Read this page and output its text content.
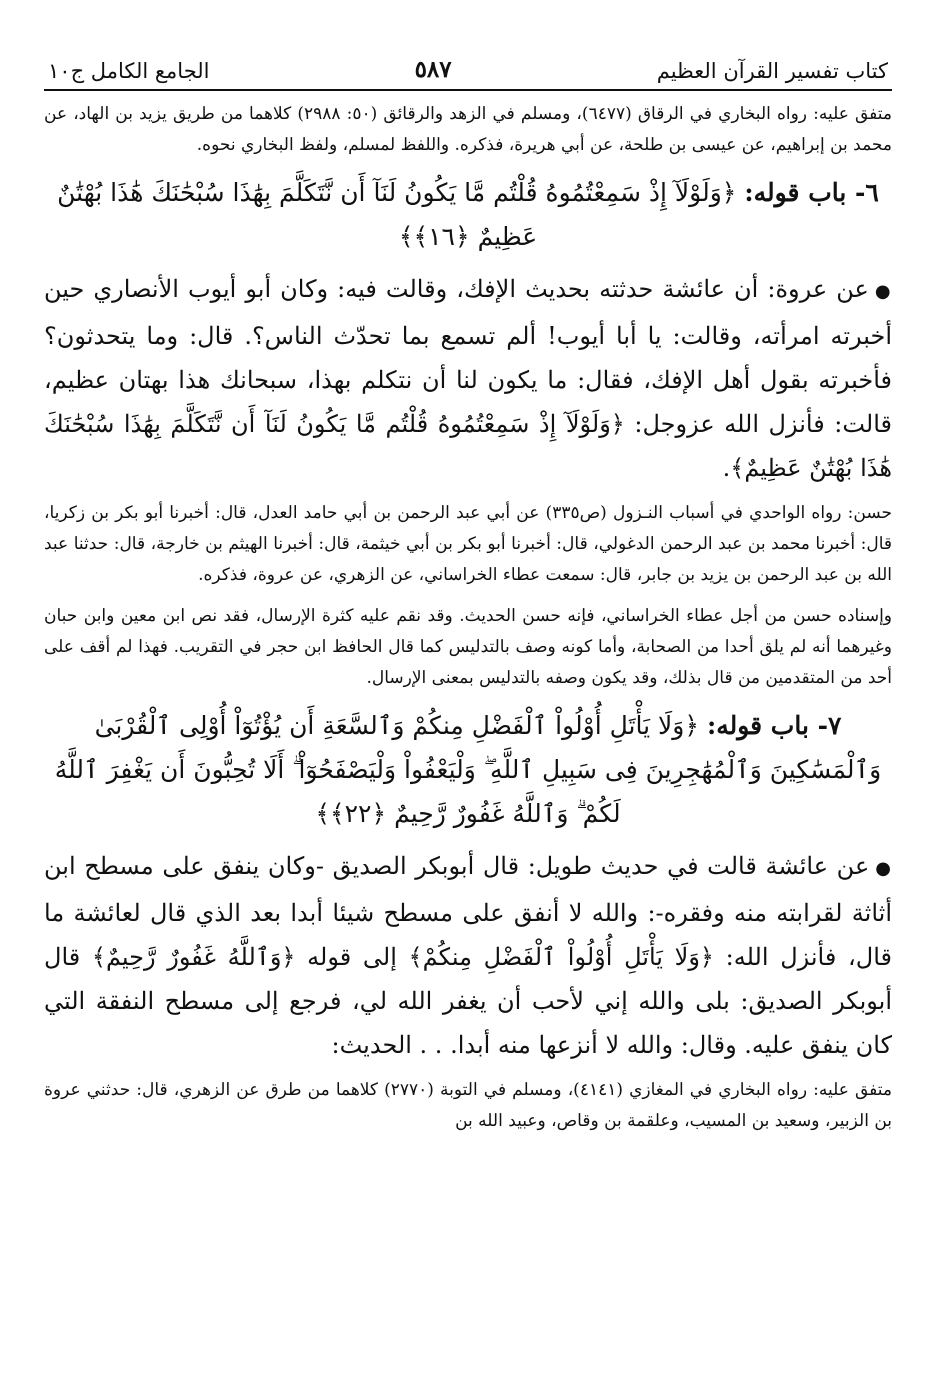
كتاب تفسير القرآن العظيم
٥٨٧
الجامع الكامل ج١٠

متفق عليه: رواه البخاري في الرقاق (٦٤٧٧)، ومسلم في الزهد والرقائق (٥٠: ٢٩٨٨) كلاهما من طريق يزيد بن الهاد، عن محمد بن إبراهيم، عن عيسى بن طلحة، عن أبي هريرة، فذكره. واللفظ لمسلم، ولفظ البخاري نحوه.

٦- باب قوله: ﴿وَلَوْلَآ إِذْ سَمِعْتُمُوهُ قُلْتُم مَّا يَكُونُ لَنَآ أَن نَّتَكَلَّمَ بِهَٰذَا سُبْحَٰنَكَ هَٰذَا بُهْتَٰنٌ عَظِيمٌ ﴿١٦﴾﴾

●عن عروة: أن عائشة حدثته بحديث الإفك، وقالت فيه: وكان أبو أيوب الأنصاري حين أخبرته امرأته، وقالت: يا أبا أيوب! ألم تسمع بما تحدّث الناس؟. قال: وما يتحدثون؟ فأخبرته بقول أهل الإفك، فقال: ما يكون لنا أن نتكلم بهذا، سبحانك هذا بهتان عظيم، قالت: فأنزل الله عزوجل: ﴿وَلَوْلَآ إِذْ سَمِعْتُمُوهُ قُلْتُم مَّا يَكُونُ لَنَآ أَن نَّتَكَلَّمَ بِهَٰذَا سُبْحَٰنَكَ هَٰذَا بُهْتَٰنٌ عَظِيمٌ﴾.

حسن: رواه الواحدي في أسباب النـزول (ص٣٣٥) عن أبي عبد الرحمن بن أبي حامد العدل، قال: أخبرنا أبو بكر بن زكريا، قال: أخبرنا محمد بن عبد الرحمن الدغولي، قال: أخبرنا أبو بكر بن أبي خيثمة، قال: أخبرنا الهيثم بن خارجة، قال: حدثنا عبد الله بن عبد الرحمن بن يزيد بن جابر، قال: سمعت عطاء الخراساني، عن الزهري، عن عروة، فذكره.

وإسناده حسن من أجل عطاء الخراساني، فإنه حسن الحديث. وقد نقم عليه كثرة الإرسال، فقد نص ابن معين وابن حبان وغيرهما أنه لم يلق أحدا من الصحابة، وأما كونه وصف بالتدليس كما قال الحافظ ابن حجر في التقريب. فهذا لم أقف على أحد من المتقدمين من قال بذلك، وقد يكون وصفه بالتدليس بمعنى الإرسال.

٧- باب قوله: ﴿وَلَا يَأْتَلِ أُوْلُواْ ٱلْفَضْلِ مِنكُمْ وَٱلسَّعَةِ أَن يُؤْتُوٓاْ أُوْلِى ٱلْقُرْبَىٰ وَٱلْمَسَٰكِينَ وَٱلْمُهَٰجِرِينَ فِى سَبِيلِ ٱللَّهِ ۖ وَلْيَعْفُواْ وَلْيَصْفَحُوٓاْ ۗ أَلَا تُحِبُّونَ أَن يَغْفِرَ ٱللَّهُ لَكُمْ ۗ وَٱللَّهُ غَفُورٌ رَّحِيمٌ ﴿٢٢﴾﴾

●عن عائشة قالت في حديث طويل: قال أبوبكر الصديق -وكان ينفق على مسطح ابن أثاثة لقرابته منه وفقره-: والله لا أنفق على مسطح شيئا أبدا بعد الذي قال لعائشة ما قال، فأنزل الله: ﴿وَلَا يَأْتَلِ أُوْلُواْ ٱلْفَضْلِ مِنكُمْ﴾ إلى قوله ﴿وَٱللَّهُ غَفُورٌ رَّحِيمٌ﴾ قال أبوبكر الصديق: بلى والله إني لأحب أن يغفر الله لي، فرجع إلى مسطح النفقة التي كان ينفق عليه. وقال: والله لا أنزعها منه أبدا. . . الحديث:

متفق عليه: رواه البخاري في المغازي (٤١٤١)، ومسلم في التوبة (٢٧٧٠) كلاهما من طرق عن الزهري، قال: حدثني عروة بن الزبير، وسعيد بن المسيب، وعلقمة بن وقاص، وعبيد الله بن
